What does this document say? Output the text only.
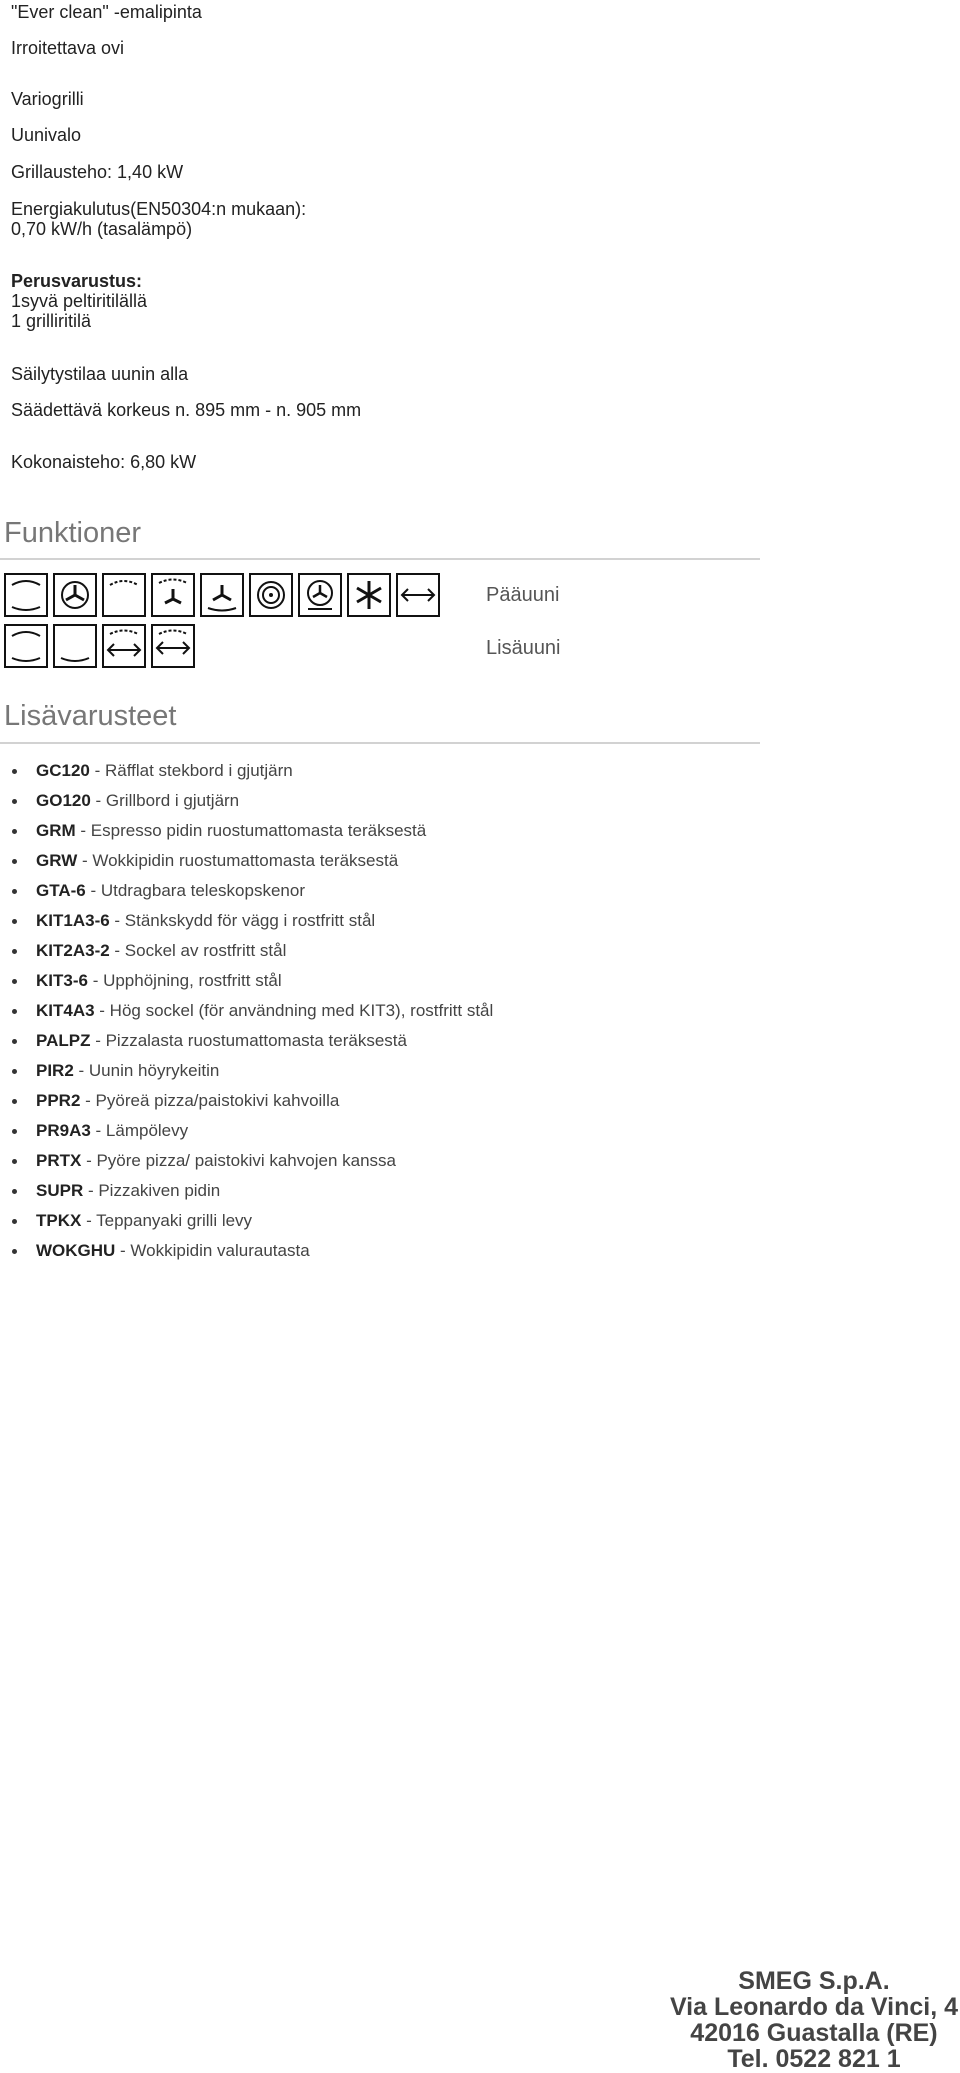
"Ever clean" -emalipinta
Irroitettava ovi
Variogrilli
Uunivalo
Grillausteho: 1,40 kW
Energiakulutus(EN50304:n mukaan):
0,70 kW/h (tasalämpö)
Perusvarustus:
1syvä peltiritilällä
1 grilliritilä
Säilytystilaa uunin alla
Säädettävä korkeus n. 895 mm - n. 905 mm
Kokonaisteho: 6,80 kW
Funktioner
Pääuuni
Lisäuuni
Lisävarusteet
GC120 - Räfflat stekbord i gjutjärn
GO120 - Grillbord i gjutjärn
GRM - Espresso pidin ruostumattomasta teräksestä
GRW - Wokkipidin ruostumattomasta teräksestä
GTA-6 - Utdragbara teleskopskenor
KIT1A3-6 - Stänkskydd för vägg i rostfritt stål
KIT2A3-2 - Sockel av rostfritt stål
KIT3-6 - Upphöjning, rostfritt stål
KIT4A3 - Hög sockel (för användning med KIT3), rostfritt stål
PALPZ - Pizzalasta ruostumattomasta teräksestä
PIR2 - Uunin höyrykeitin
PPR2 - Pyöreä pizza/paistokivi kahvoilla
PR9A3 - Lämpölevy
PRTX - Pyöre pizza/ paistokivi kahvojen kanssa
SUPR - Pizzakiven pidin
TPKX - Teppanyaki grilli levy
WOKGHU - Wokkipidin valurautasta
SMEG S.p.A.
Via Leonardo da Vinci, 4
42016 Guastalla (RE)
Tel. 0522 821 1
